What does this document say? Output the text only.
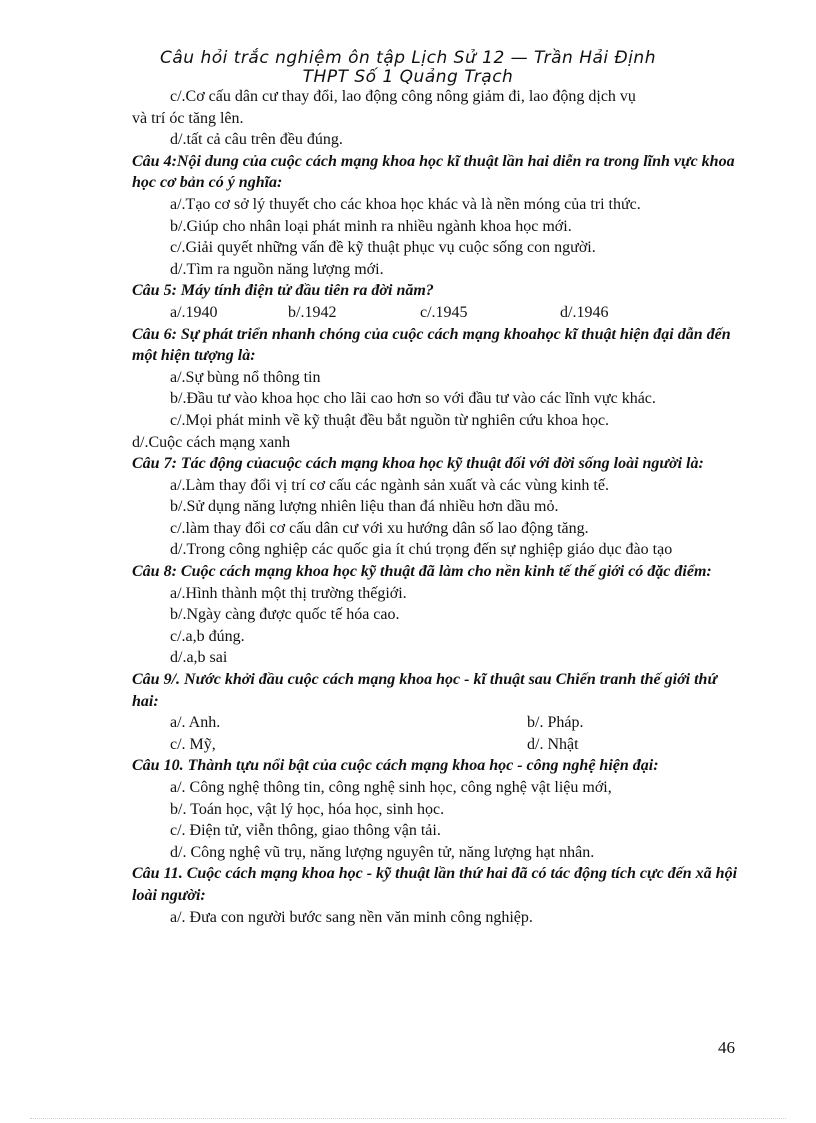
Câu hỏi trắc nghiệm ôn tập Lịch Sử 12 — Trần Hải Định
THPT Số 1 Quảng Trạch
c/.Cơ cấu dân cư thay đổi, lao động công nông giảm đi, lao động dịch vụ
và trí óc tăng lên.
d/.tất cả câu trên đều đúng.
Câu 4:Nội dung của cuộc cách mạng khoa học kĩ thuật lần hai diễn ra trong lĩnh vực khoa học cơ bản có ý nghĩa:
a/.Tạo cơ sở lý thuyết cho các khoa học khác và là nền móng của tri thức.
b/.Giúp cho nhân loại phát minh ra nhiều ngành khoa học mới.
c/.Giải quyết những vấn đề kỹ thuật phục vụ cuộc sống con người.
d/.Tìm ra nguồn năng lượng mới.
Câu 5: Máy tính điện tử đầu tiên ra đời năm?
a/.1940	b/.1942	c/.1945	d/.1946
Câu 6: Sự phát triển nhanh chóng của cuộc cách mạng khoahọc kĩ thuật hiện đại dẫn đến một hiện tượng là:
a/.Sự bùng nổ thông tin
b/.Đầu tư vào khoa học cho lãi cao hơn so với đầu tư vào các lĩnh vực khác.
c/.Mọi phát minh về kỹ thuật đều bắt nguồn từ nghiên cứu khoa học.
d/.Cuộc cách mạng xanh
Câu 7: Tác động củacuộc cách mạng khoa học kỹ thuật đối với đời sống loài người là:
a/.Làm thay đổi vị trí cơ cấu các ngành sản xuất và các vùng kinh tế.
b/.Sử dụng năng lượng nhiên liệu than đá nhiều hơn dầu mỏ.
c/.làm thay đổi cơ cấu dân cư với xu hướng dân số lao động tăng.
d/.Trong công nghiệp các quốc gia ít chú trọng đến sự nghiệp giáo dục đào tạo
Câu 8: Cuộc cách mạng khoa học kỹ thuật đã làm cho nền kinh tế thế giới có đặc điểm:
a/.Hình thành một thị trường thếgiới.
b/.Ngày càng được quốc tế hóa cao.
c/.a,b đúng.
d/.a,b sai
Câu 9/. Nước khởi đầu cuộc cách mạng khoa học - kĩ thuật sau Chiến tranh thế giới thứ hai:
a/. Anh.	b/. Pháp.
c/. Mỹ,	d/. Nhật
Câu 10. Thành tựu nổi bật của cuộc cách mạng khoa học - công nghệ hiện đại:
a/. Công nghệ thông tin, công nghệ sinh học, công nghệ vật liệu mới,
b/. Toán học, vật lý học, hóa học, sinh học.
c/. Điện tử, viễn thông, giao thông vận tải.
d/. Công nghệ vũ trụ, năng lượng nguyên tử, năng lượng hạt nhân.
Câu 11. Cuộc cách mạng khoa học - kỹ thuật lần thứ hai đã có tác động tích cực đến xã hội loài người:
a/. Đưa con người bước sang nền văn minh công nghiệp.
46
